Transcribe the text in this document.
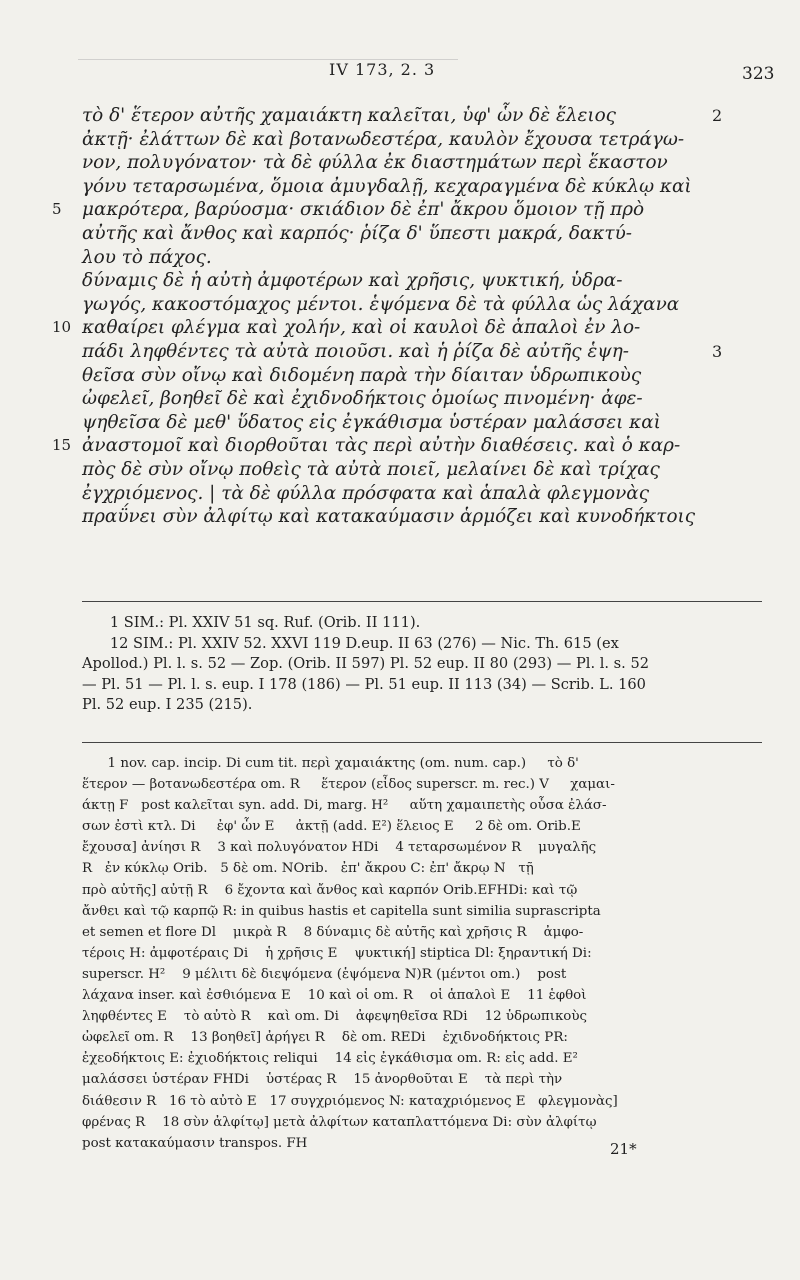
IV 173, 2. 3	323
τὸ δ' ἕτερον αὐτῆς χαμαιάκτη καλεῖται, ὑφ' ὧν δὲ ἕλειος	2
ἀκτῇ· ἐλάττων δὲ καὶ βοτανωδεστέρα, καυλὸν ἔχουσα τετράγω-
νον, πολυγόνατον· τὰ δὲ φύλλα ἐκ διαστημάτων περὶ ἕκαστον
γόνυ τεταρσωμένα, ὅμοια ἀμυγδαλῇ, κεχαραγμένα δὲ κύκλῳ καὶ
5 μακρότερα, βαρύοσμα· σκιάδιον δὲ ἐπ' ἄκρου ὅμοιον τῇ πρὸ
αὐτῆς καὶ ἄνθος καὶ καρπός· ῥίζα δ' ὕπεστι μακρά, δακτύ-
λου τὸ πάχος.
δύναμις δὲ ἡ αὐτὴ ἀμφοτέρων καὶ χρῆσις, ψυκτική, ὑδρα-
γωγός, κακοστόμαχος μέντοι. ἑψόμενα δὲ τὰ φύλλα ὡς λάχανα
10 καθαίρει φλέγμα καὶ χολήν, καὶ οἱ καυλοὶ δὲ ἁπαλοὶ ἐν λο-
πάδι ληφθέντες τὰ αὐτὰ ποιοῦσι. καὶ ἡ ῥίζα δὲ αὐτῆς ἑψη-	3
θεῖσα σὺν οἴνῳ καὶ διδομένη παρὰ τὴν δίαιταν ὑδρωπικοὺς
ὠφελεῖ, βοηθεῖ δὲ καὶ ἐχιδνοδήκτοις ὁμοίως πινομένη· ἀφε-
ψηθεῖσα δὲ μεθ' ὕδατος εἰς ἐγκάθισμα ὑστέραν μαλάσσει καὶ
15 ἀναστομοῖ καὶ διορθοῦται τὰς περὶ αὐτὴν διαθέσεις. καὶ ὁ καρ-
πὸς δὲ σὺν οἴνῳ ποθεὶς τὰ αὐτὰ ποιεῖ, μελαίνει δὲ καὶ τρίχας
ἐγχριόμενος. | τὰ δὲ φύλλα πρόσφατα καὶ ἁπαλὰ φλεγμονὰς
πραΰνει σὺν ἀλφίτῳ καὶ κατακαύμασιν ἁρμόζει καὶ κυνοδήκτοις
1 SIM.: Pl. XXIV 51 sq. Ruf. (Orib. II 111).
12 SIM.: Pl. XXIV 52. XXVI 119 D.eup. II 63 (276) — Nic. Th. 615 (ex
Apollod.) Pl. l. s. 52 — Zop. (Orib. II 597) Pl. 52 eup. II 80 (293) — Pl. l. s. 52
— Pl. 51 — Pl. l. s. eup. I 178 (186) — Pl. 51 eup. II 113 (34) — Scrib. L. 160
Pl. 52 eup. I 235 (215).
1 nov. cap. incip. Di cum tit. περὶ χαμαιάκτης (om. num. cap.)     τὸ δ'
ἕτερον — βοτανωδεστέρα om. R     ἕτερον (εἶδος superscr. m. rec.) V     χαμαι-
άκτῃ F   post καλεῖται syn. add. Di, marg. H²     αὕτη χαμαιπετὴς οὖσα ἐλάσ-
σων ἐστὶ κτλ. Di     ἐφ' ὧν E     ἀκτῇ (add. E²) ἕλειος E     2 δὲ om. Orib.E
ἔχουσα] ἀνίησι R    3 καὶ πολυγόνατον HDi    4 τεταρσωμένον R    μυγαλῆς
R   ἐν κύκλῳ Orib.   5 δὲ om. NOrib.   ἐπ' ἄκρου C: ἐπ' ἄκρῳ N   τῇ
πρὸ αὐτῆς] αὐτῇ R    6 ἔχοντα καὶ ἄνθος καὶ καρπόν Orib.EFHDi: καὶ τῷ
ἄνθει καὶ τῷ καρπῷ R: in quibus hastis et capitella sunt similia suprascripta
et semen et flore Dl    μικρὰ R    8 δύναμις δὲ αὐτῆς καὶ χρῆσις R    ἀμφο-
τέροις H: ἀμφοτέραις Di    ἡ χρῆσις E    ψυκτική] stiptica Dl: ξηραντική Di:
superscr. H²    9 μέλιτι δὲ διεψόμενα (ἑψόμενα N)R (μέντοι om.)    post
λάχανα inser. καὶ ἐσθιόμενα E    10 καὶ οἱ om. R    οἱ ἁπαλοὶ E    11 ἑφθοὶ
ληφθέντες E    τὸ αὐτὸ R    καὶ om. Di    ἀφεψηθεῖσα RDi    12 ὑδρωπικοὺς
ὠφελεῖ om. R    13 βοηθεῖ] ἀρήγει R    δὲ om. REDi    ἐχιδνοδήκτοις PR:
ἐχεοδήκτοις E: ἐχιοδήκτοις reliqui    14 εἰς ἐγκάθισμα om. R: εἰς add. E²
μαλάσσει ὑστέραν FHDi    ὑστέρας R    15 ἀνορθοῦται E    τὰ περὶ τὴν
διάθεσιν R   16 τὸ αὐτὸ E   17 συγχριόμενος N: καταχριόμενος E   φλεγμονὰς]
φρένας R    18 σὺν ἀλφίτῳ] μετὰ ἀλφίτων καταπλαττόμενα Di: σὺν ἀλφίτῳ
post κατακαύμασιν transpos. FH	21*
